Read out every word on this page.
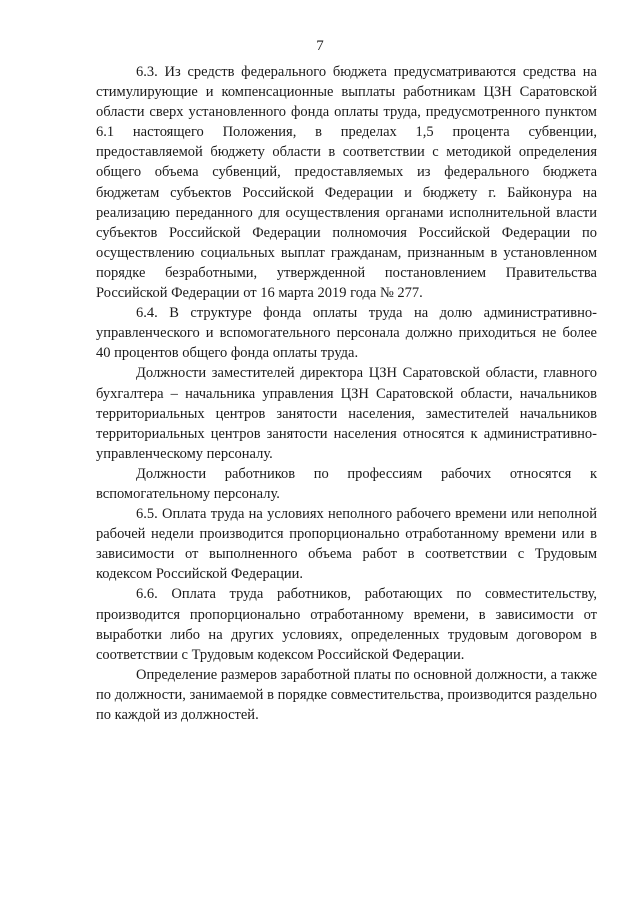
7

6.3. Из средств федерального бюджета предусматриваются средства на стимулирующие и компенсационные выплаты работникам ЦЗН Саратовской области сверх установленного фонда оплаты труда, предусмотренного пунктом 6.1 настоящего Положения, в пределах 1,5 процента субвенции, предоставляемой бюджету области в соответствии с методикой определения общего объема субвенций, предоставляемых из федерального бюджета бюджетам субъектов Российской Федерации и бюджету г. Байконура на реализацию переданного для осуществления органами исполнительной власти субъектов Российской Федерации полномочия Российской Федерации по осуществлению социальных выплат гражданам, признанным в установленном порядке безработными, утвержденной постановлением Правительства Российской Федерации от 16 марта 2019 года № 277.

6.4. В структуре фонда оплаты труда на долю административно-управленческого и вспомогательного персонала должно приходиться не более 40 процентов общего фонда оплаты труда.

Должности заместителей директора ЦЗН Саратовской области, главного бухгалтера – начальника управления ЦЗН Саратовской области, начальников территориальных центров занятости населения, заместителей начальников территориальных центров занятости населения относятся к административно-управленческому персоналу.

Должности работников по профессиям рабочих относятся к вспомогательному персоналу.

6.5. Оплата труда на условиях неполного рабочего времени или неполной рабочей недели производится пропорционально отработанному времени или в зависимости от выполненного объема работ в соответствии с Трудовым кодексом Российской Федерации.

6.6. Оплата труда работников, работающих по совместительству, производится пропорционально отработанному времени, в зависимости от выработки либо на других условиях, определенных трудовым договором в соответствии с Трудовым кодексом Российской Федерации.

Определение размеров заработной платы по основной должности, а также по должности, занимаемой в порядке совместительства, производится раздельно по каждой из должностей.
